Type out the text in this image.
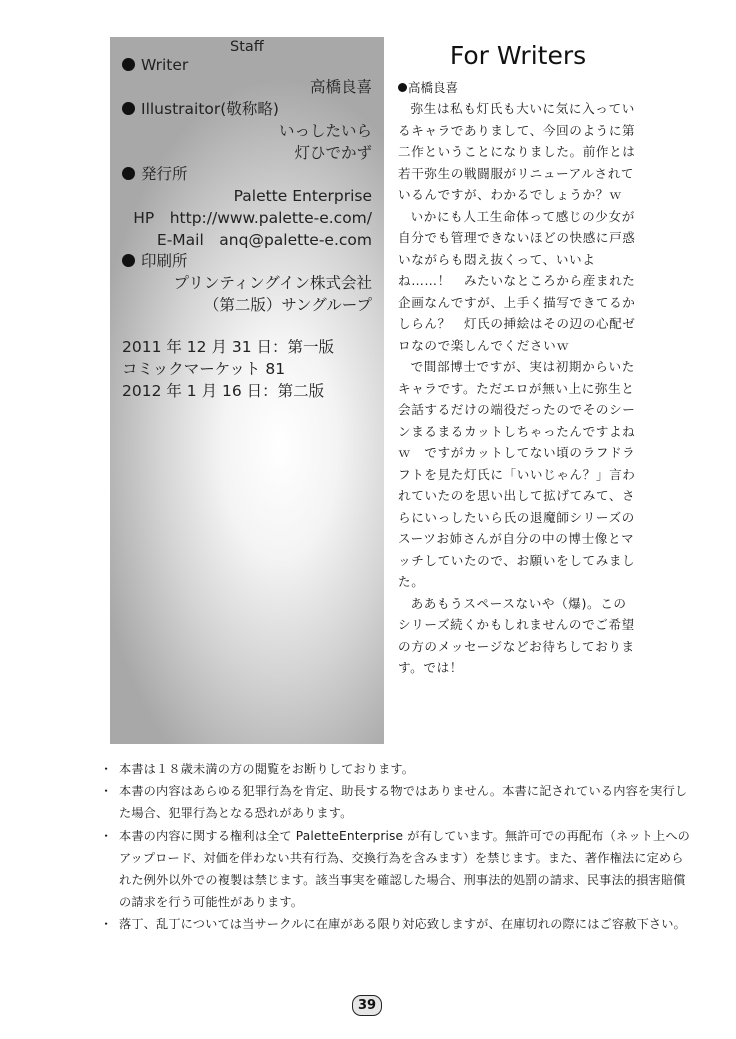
Staff
Writer
高橋良喜
Illustraitor(敬称略)
いっしたいら
灯ひでかず
発行所
Palette Enterprise
HP　http://www.palette-e.com/
E-Mail　anq@palette-e.com
印刷所
プリンティングイン株式会社
（第二版）サングループ
2011 年 12 月 31 日：第一版
コミックマーケット 81
2012 年 1 月 16 日：第二版
For Writers
高橋良喜

弥生は私も灯氏も大いに気に入っているキャラでありまして、今回のように第二作ということになりました。前作とは若干弥生の戦闘服がリニューアルされているんですが、わかるでしょうか？ｗ

いかにも人工生命体って感じの少女が自分でも管理できないほどの快感に戸惑いながらも悶え抜くって、いいよね……！　みたいなところから産まれた企画なんですが、上手く描写できてるかしらん？　灯氏の挿絵はその辺の心配ゼロなので楽しんでくださいｗ

で間部博士ですが、実は初期からいたキャラです。ただエロが無い上に弥生と会話するだけの端役だったのでそのシーンまるまるカットしちゃったんですよねｗ　ですがカットしてない頃のラフドラフトを見た灯氏に「いいじゃん？」言われていたのを思い出して拡げてみて、さらにいっしたいら氏の退魔師シリーズのスーツお姉さんが自分の中の博士像とマッチしていたので、お願いをしてみました。

ああもうスペースないや（爆)。このシリーズ続くかもしれませんのでご希望の方のメッセージなどお待ちしております。では！

・ 本書は１８歳未満の方の閲覧をお断りしております。
・ 本書の内容はあらゆる犯罪行為を肯定、助長する物ではありません。本書に記されている内容を実行した場合、犯罪行為となる恐れがあります。
・ 本書の内容に関する権利は全て PaletteEnterprise が有しています。無許可での再配布（ネット上へのアップロード、対価を伴わない共有行為、交換行為を含みます）を禁じます。また、著作権法に定められた例外以外での複製は禁じます。該当事実を確認した場合、刑事法的処罰の請求、民事法的損害賠償の請求を行う可能性があります。
・ 落丁、乱丁については当サークルに在庫がある限り対応致しますが、在庫切れの際にはご容赦下さい。
39
